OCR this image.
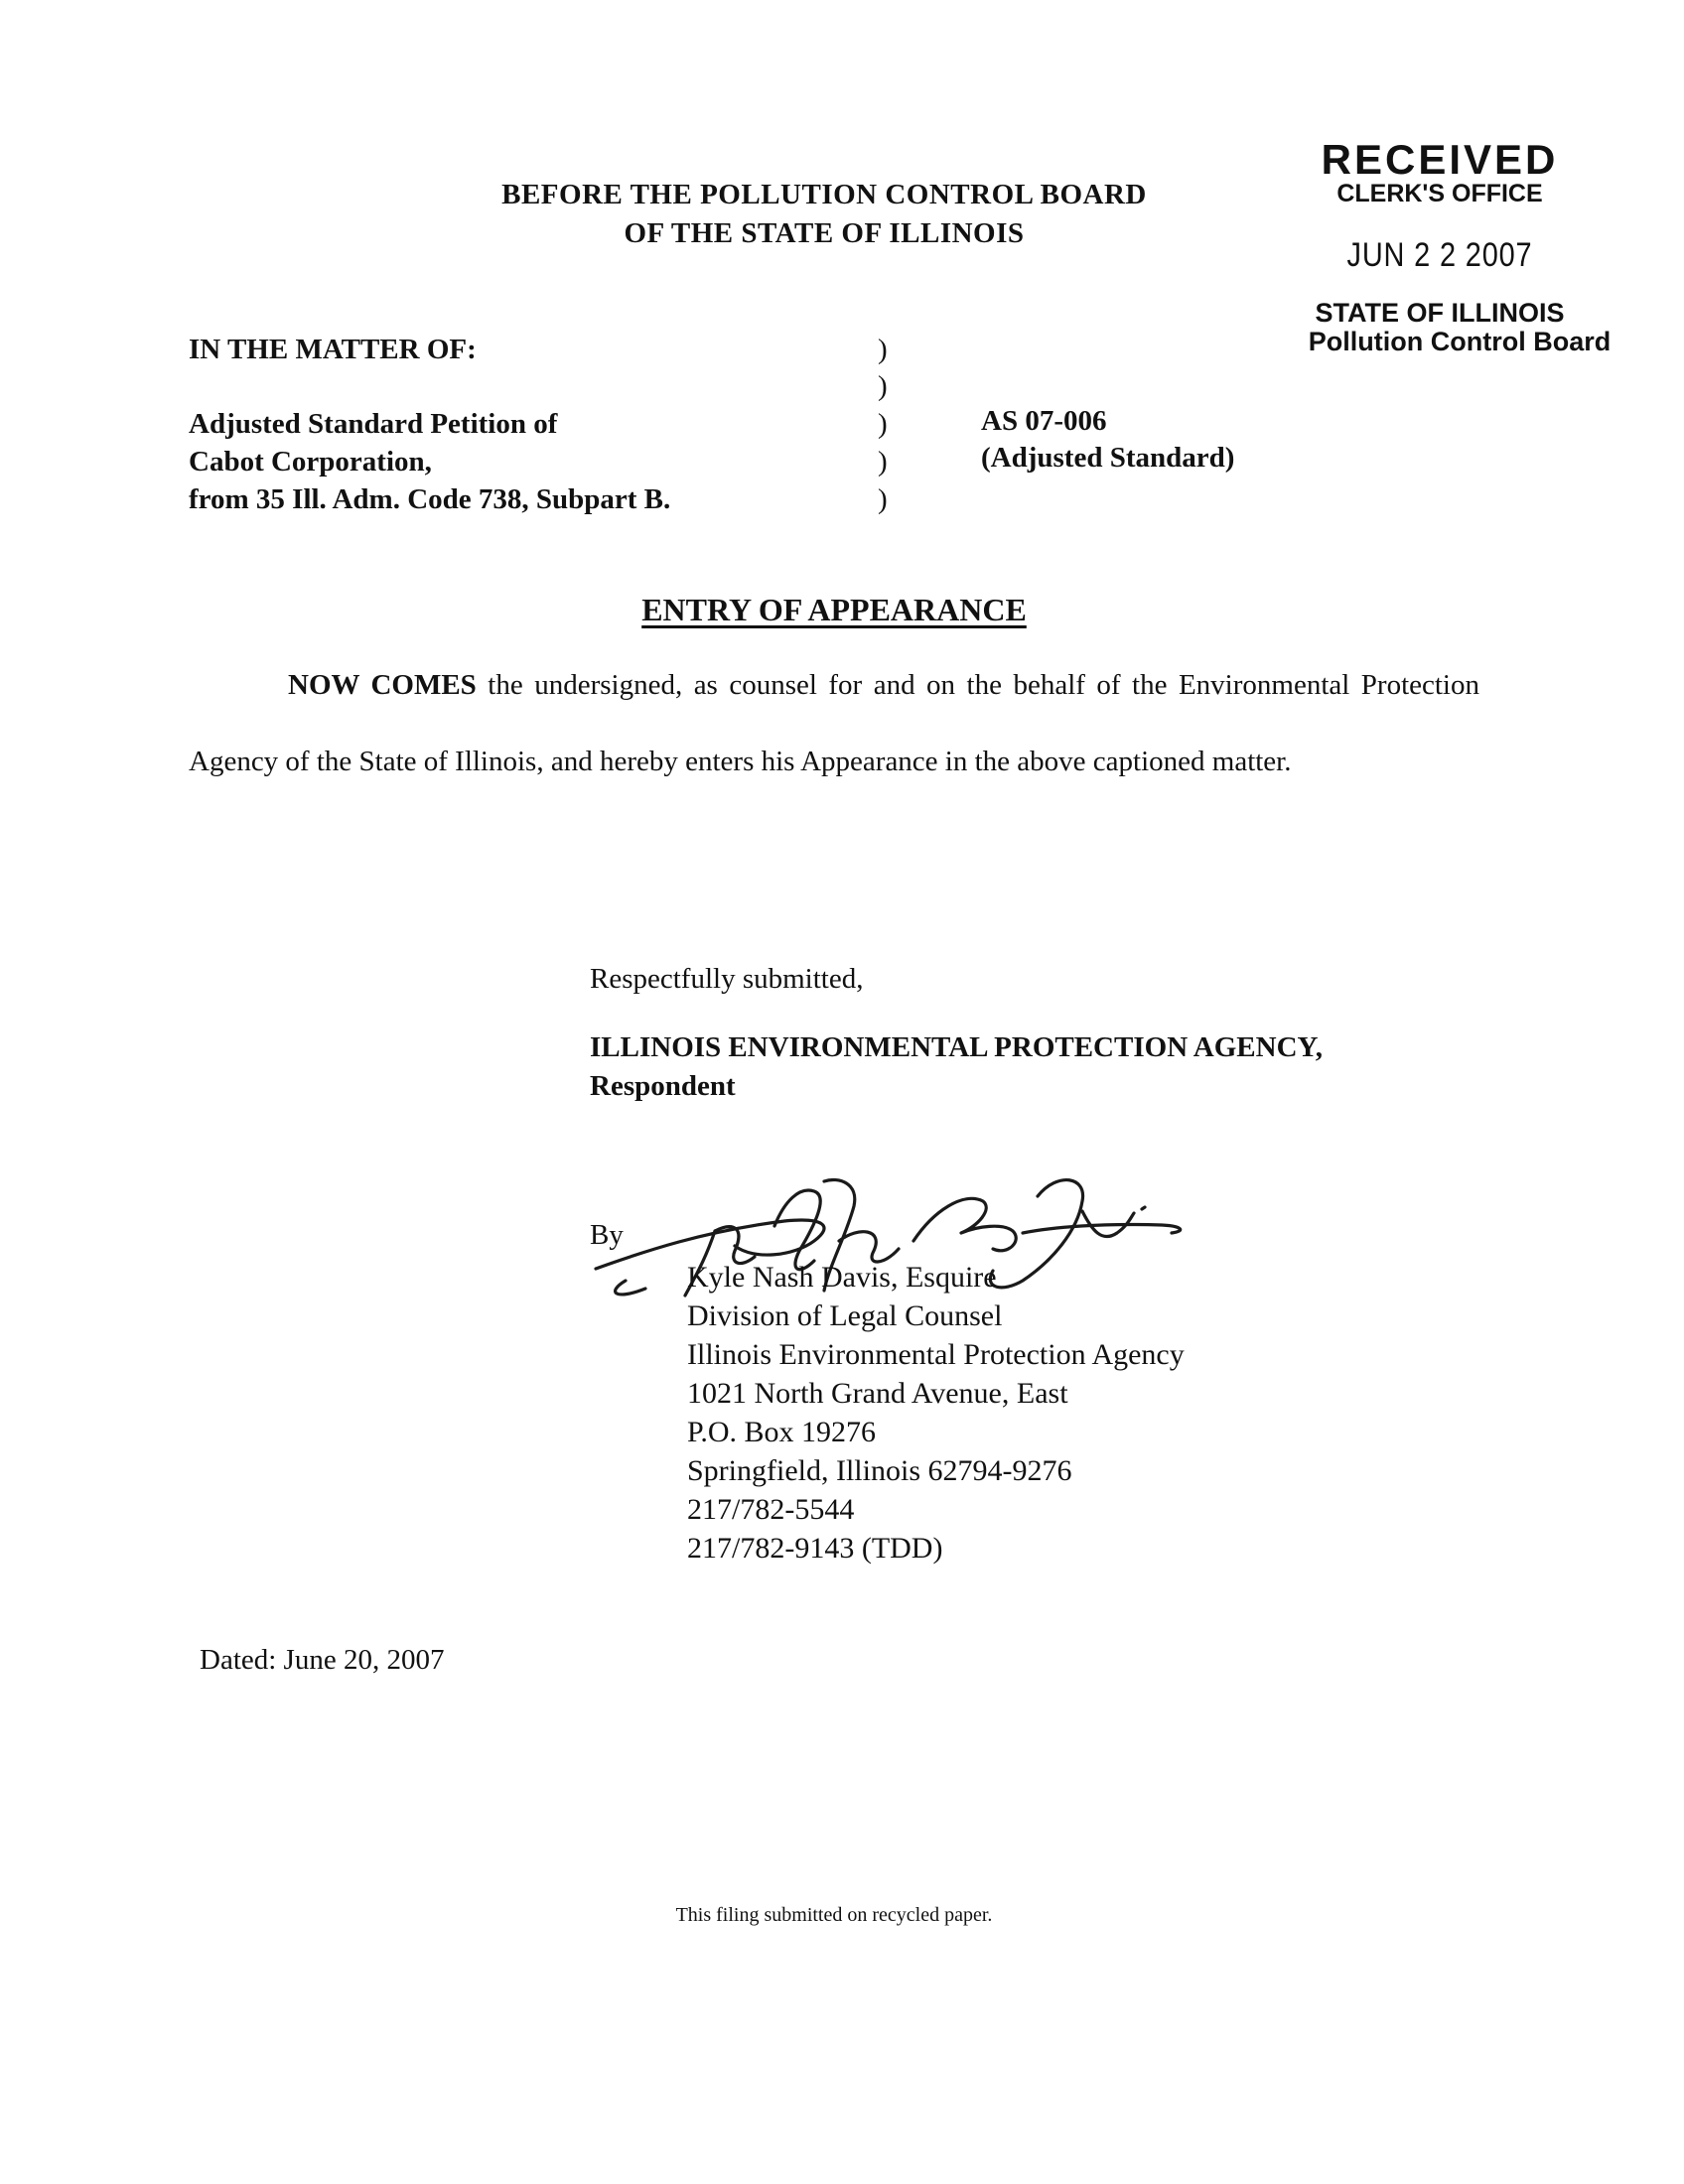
RECEIVED
CLERK'S OFFICE
JUN 2 2 2007
STATE OF ILLINOIS
Pollution Control Board
BEFORE THE POLLUTION CONTROL BOARD
OF THE STATE OF ILLINOIS
IN THE MATTER OF:
Adjusted Standard Petition of
Cabot Corporation,
from 35 Ill. Adm. Code 738, Subpart B.
)
)
)
)
)
AS 07-006
(Adjusted Standard)
ENTRY OF APPEARANCE

NOW COMES the undersigned, as counsel for and on the behalf of the Environmental Protection Agency of the State of Illinois, and hereby enters his Appearance in the above captioned matter.

Respectfully submitted,
ILLINOIS ENVIRONMENTAL PROTECTION AGENCY,
Respondent
By
Kyle Nash Davis, Esquire
Division of Legal Counsel
Illinois Environmental Protection Agency
1021 North Grand Avenue, East
P.O. Box 19276
Springfield, Illinois 62794-9276
217/782-5544
217/782-9143 (TDD)
Dated: June 20, 2007
This filing submitted on recycled paper.
